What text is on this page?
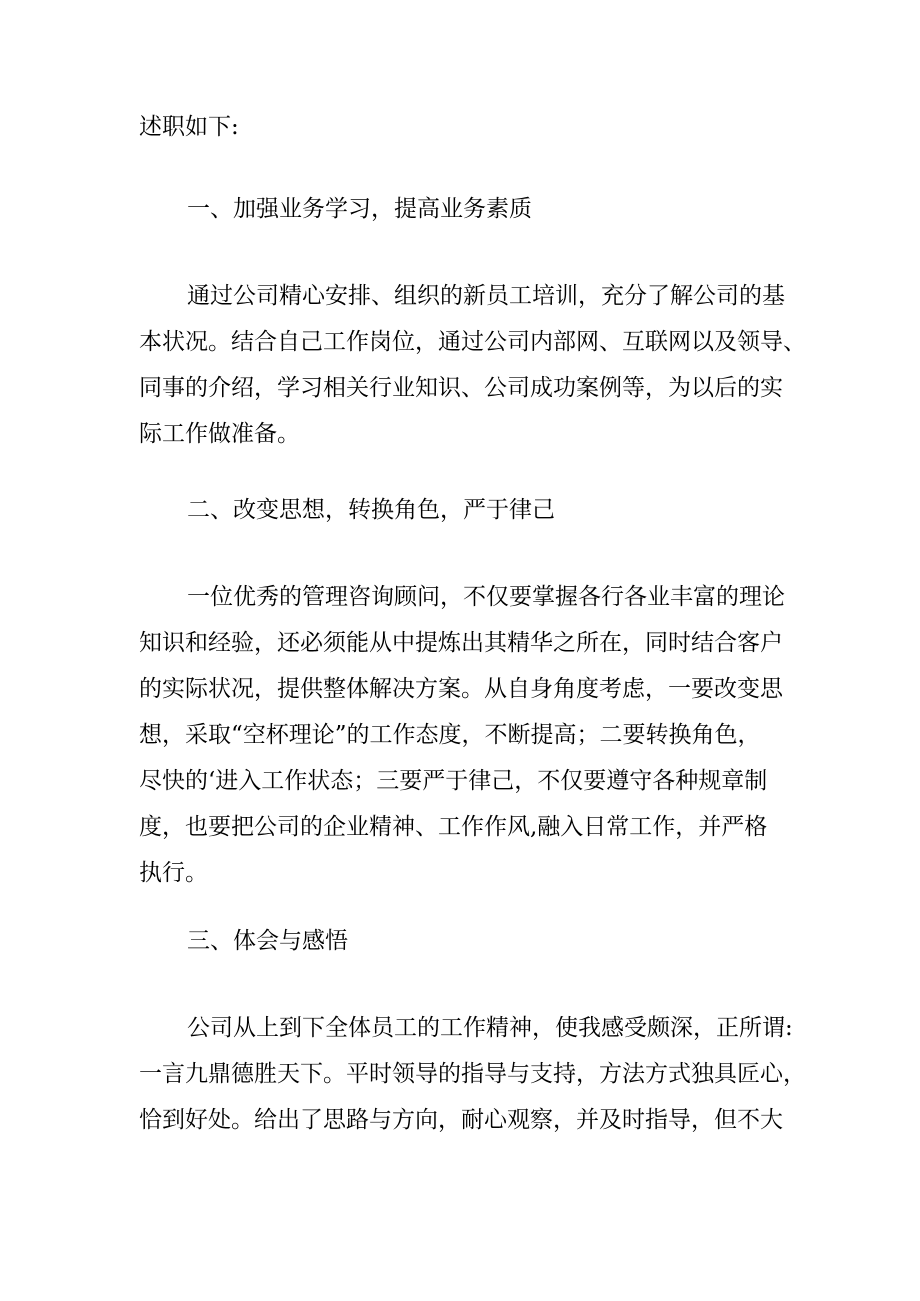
述职如下:

一、加强业务学习，提高业务素质

通过公司精心安排、组织的新员工培训，充分了解公司的基
本状况。结合自己工作岗位，通过公司内部网、互联网以及领导、
同事的介绍，学习相关行业知识、公司成功案例等，为以后的实
际工作做准备。

二、改变思想，转换角色，严于律己

一位优秀的管理咨询顾问，不仅要掌握各行各业丰富的理论
知识和经验，还必须能从中提炼出其精华之所在，同时结合客户
的实际状况，提供整体解决方案。从自身角度考虑，一要改变思
想，采取“空杯理论”的工作态度，不断提高；二要转换角色，
尽快的‘进入工作状态；三要严于律己，不仅要遵守各种规章制
度，也要把公司的企业精神、工作作风,融入日常工作，并严格
执行。

三、体会与感悟

公司从上到下全体员工的工作精神，使我感受颇深，正所谓:
一言九鼎德胜天下。平时领导的指导与支持，方法方式独具匠心，
恰到好处。给出了思路与方向，耐心观察，并及时指导，但不大
